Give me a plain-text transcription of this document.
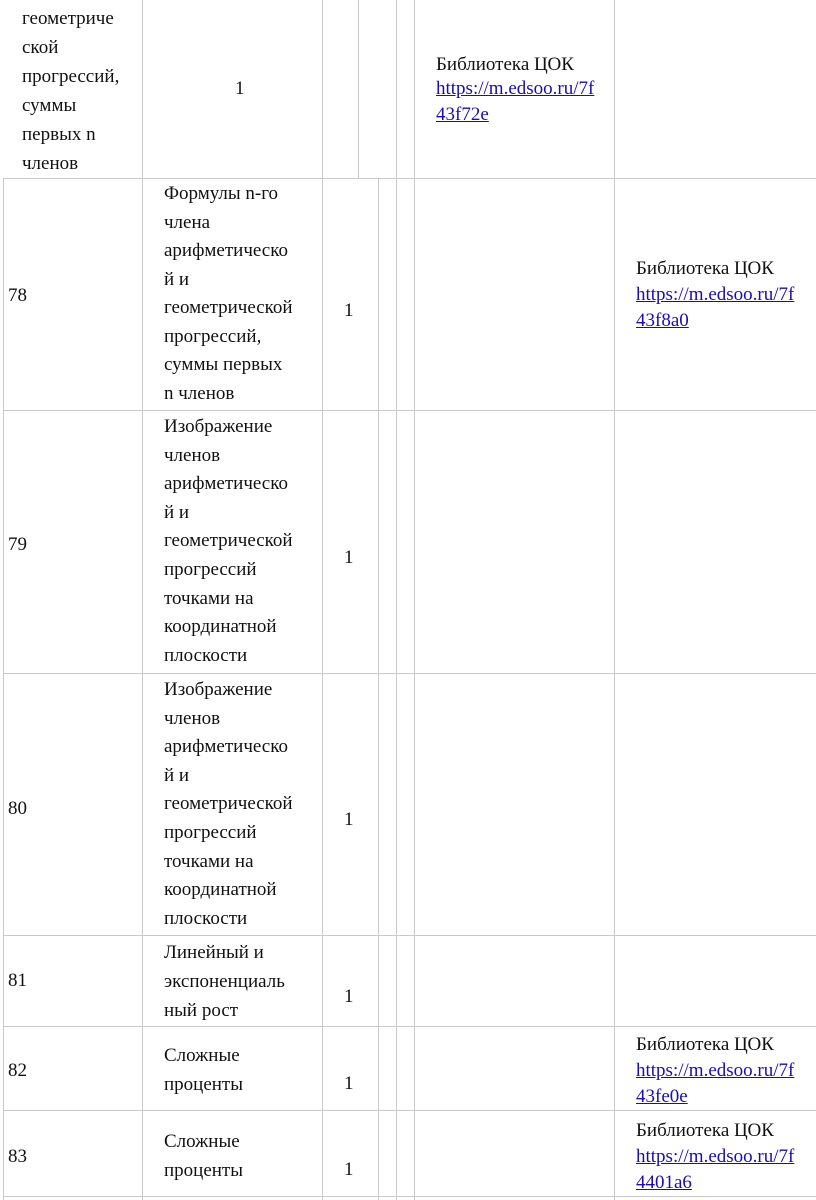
геометриче
ской
прогрессий,
суммы
первых n
членов
1
Библиотека ЦОК
https://m.edsoo.ru/7f
43f72e
78
Формулы n-го
члена
арифметическо
й и
геометрической
прогрессий,
суммы первых
n членов
1
Библиотека ЦОК
https://m.edsoo.ru/7f
43f8a0
79
Изображение
членов
арифметическо
й и
геометрической
прогрессий
точками на
координатной
плоскости
1
80
Изображение
членов
арифметическо
й и
геометрической
прогрессий
точками на
координатной
плоскости
1
81
Линейный и
экспоненциаль
ный рост
1
82
Сложные
проценты	1
Библиотека ЦОК
https://m.edsoo.ru/7f
43fe0e
83
Сложные
проценты	1
Библиотека ЦОК
https://m.edsoo.ru/7f
4401a6
